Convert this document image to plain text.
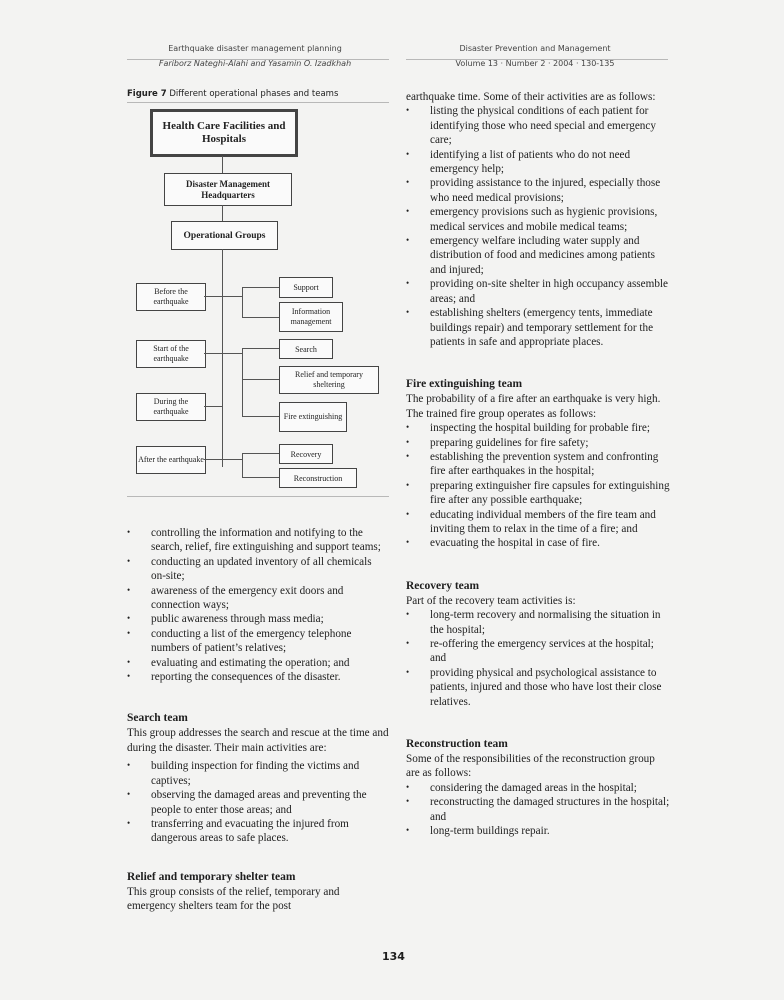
Earthquake disaster management planning
Fariborz Nateghi-Alahi and Yasamin O. Izadkhah
Disaster Prevention and Management
Volume 13 · Number 2 · 2004 · 130-135
Figure 7 Different operational phases and teams
Health Care Facilities and Hospitals
Disaster Management Headquarters
Operational Groups
Before the earthquake
Start of the earthquake
During the earthquake
After the earthquake
Support
Information management
Search
Relief and temporary sheltering
Fire extinguishing
Recovery
Reconstruction
• controlling the information and notifying to the search, relief, fire extinguishing and support teams;
• conducting an updated inventory of all chemicals on-site;
• awareness of the emergency exit doors and connection ways;
• public awareness through mass media;
• conducting a list of the emergency telephone numbers of patient’s relatives;
• evaluating and estimating the operation; and
• reporting the consequences of the disaster.
Search team

This group addresses the search and rescue at the time and during the disaster. Their main activities are:

• building inspection for finding the victims and captives;
• observing the damaged areas and preventing the people to enter those areas; and
• transferring and evacuating the injured from dangerous areas to safe places.
Relief and temporary shelter team

This group consists of the relief, temporary and emergency shelters team for the post

earthquake time. Some of their activities are as follows:

• listing the physical conditions of each patient for identifying those who need special and emergency care;
• identifying a list of patients who do not need emergency help;
• providing assistance to the injured, especially those who need medical provisions;
• emergency provisions such as hygienic provisions, medical services and mobile medical teams;
• emergency welfare including water supply and distribution of food and medicines among patients and injured;
• providing on-site shelter in high occupancy assemble areas; and
• establishing shelters (emergency tents, immediate buildings repair) and temporary settlement for the patients in safe and appropriate places.
Fire extinguishing team

The probability of a fire after an earthquake is very high. The trained fire group operates as follows:

• inspecting the hospital building for probable fire;
• preparing guidelines for fire safety;
• establishing the prevention system and confronting fire after earthquakes in the hospital;
• preparing extinguisher fire capsules for extinguishing fire after any possible earthquake;
• educating individual members of the fire team and inviting them to relax in the time of a fire; and
• evacuating the hospital in case of fire.
Recovery team

Part of the recovery team activities is:

• long-term recovery and normalising the situation in the hospital;
• re-offering the emergency services at the hospital; and
• providing physical and psychological assistance to patients, injured and those who have lost their close relatives.
Reconstruction team

Some of the responsibilities of the reconstruction group are as follows:

• considering the damaged areas in the hospital;
• reconstructing the damaged structures in the hospital; and
• long-term buildings repair.
134
